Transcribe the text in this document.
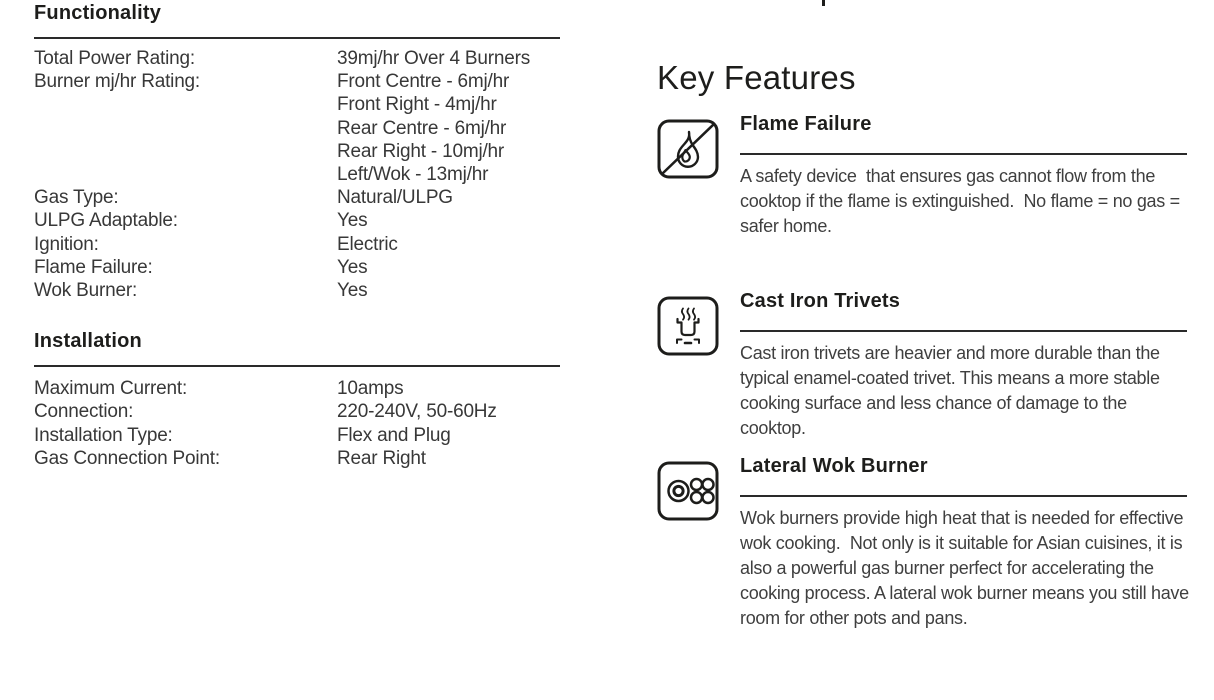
Functionality
Total Power Rating:	39mj/hr Over 4 Burners
Burner mj/hr Rating:	Front Centre - 6mj/hr
Front Right - 4mj/hr
Rear Centre - 6mj/hr
Rear Right - 10mj/hr
Left/Wok - 13mj/hr
Gas Type:	Natural/ULPG
ULPG Adaptable:	Yes
Ignition:	Electric
Flame Failure:	Yes
Wok Burner:	Yes
Installation
Maximum Current:	10amps
Connection:	220-240V, 50-60Hz
Installation Type:	Flex and Plug
Gas Connection Point:	Rear Right
Key Features
Flame Failure
A safety device  that ensures gas cannot flow from the cooktop if the flame is extinguished.  No flame = no gas = safer home.
Cast Iron Trivets
Cast iron trivets are heavier and more durable than the typical enamel-coated trivet. This means a more stable cooking surface and less chance of damage to the cooktop.
Lateral Wok Burner
Wok burners provide high heat that is needed for effective wok cooking.  Not only is it suitable for Asian cuisines, it is also a powerful gas burner perfect for accelerating the cooking process. A lateral wok burner means you still have room for other pots and pans.
